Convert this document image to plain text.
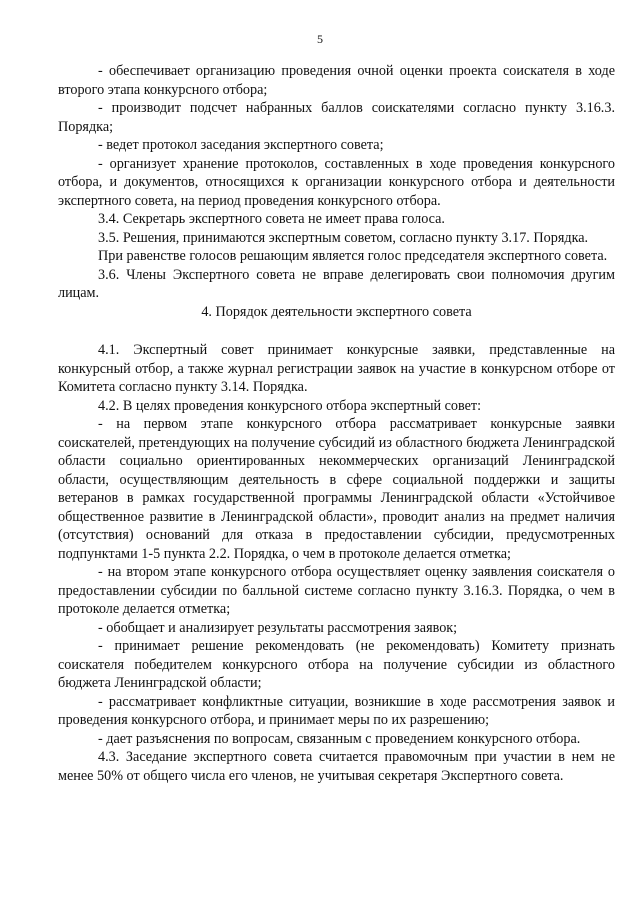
5

- обеспечивает организацию проведения очной оценки проекта соискателя в ходе второго этапа конкурсного отбора;

- производит подсчет набранных баллов соискателями согласно пункту 3.16.3. Порядка;

- ведет протокол заседания экспертного совета;

- организует хранение протоколов, составленных в ходе проведения конкурсного отбора, и документов, относящихся к организации конкурсного отбора и деятельности экспертного совета, на период проведения конкурсного отбора.

3.4. Секретарь экспертного совета не имеет права голоса.

3.5. Решения, принимаются экспертным советом, согласно пункту 3.17. Порядка.

При равенстве голосов решающим является голос председателя экспертного совета.

3.6. Члены Экспертного совета не вправе делегировать свои полномочия другим лицам.

4. Порядок деятельности экспертного совета

4.1. Экспертный совет принимает конкурсные заявки, представленные на конкурсный отбор, а также журнал регистрации заявок на участие в конкурсном отборе от Комитета согласно пункту 3.14. Порядка.

4.2. В целях проведения конкурсного отбора экспертный совет:

- на первом этапе конкурсного отбора рассматривает конкурсные заявки соискателей, претендующих на получение субсидий из областного бюджета Ленинградской области социально ориентированных некоммерческих организаций Ленинградской области, осуществляющим деятельность в сфере социальной поддержки и защиты ветеранов в рамках государственной программы Ленинградской области «Устойчивое общественное развитие в Ленинградской области», проводит анализ на предмет наличия (отсутствия) оснований для отказа в предоставлении субсидии, предусмотренных подпунктами 1-5 пункта 2.2. Порядка, о чем в протоколе делается отметка;

- на втором этапе конкурсного отбора осуществляет оценку заявления соискателя о предоставлении субсидии по балльной системе согласно пункту 3.16.3. Порядка, о чем в протоколе делается отметка;

- обобщает и анализирует результаты рассмотрения заявок;

- принимает решение рекомендовать (не рекомендовать) Комитету признать соискателя победителем конкурсного отбора на получение субсидии из областного бюджета Ленинградской области;

- рассматривает конфликтные ситуации, возникшие в ходе рассмотрения заявок и проведения конкурсного отбора, и принимает меры по их разрешению;

- дает разъяснения по вопросам, связанным с проведением конкурсного отбора.

4.3. Заседание экспертного совета считается правомочным при участии в нем не менее 50% от общего числа его членов, не учитывая секретаря Экспертного совета.
